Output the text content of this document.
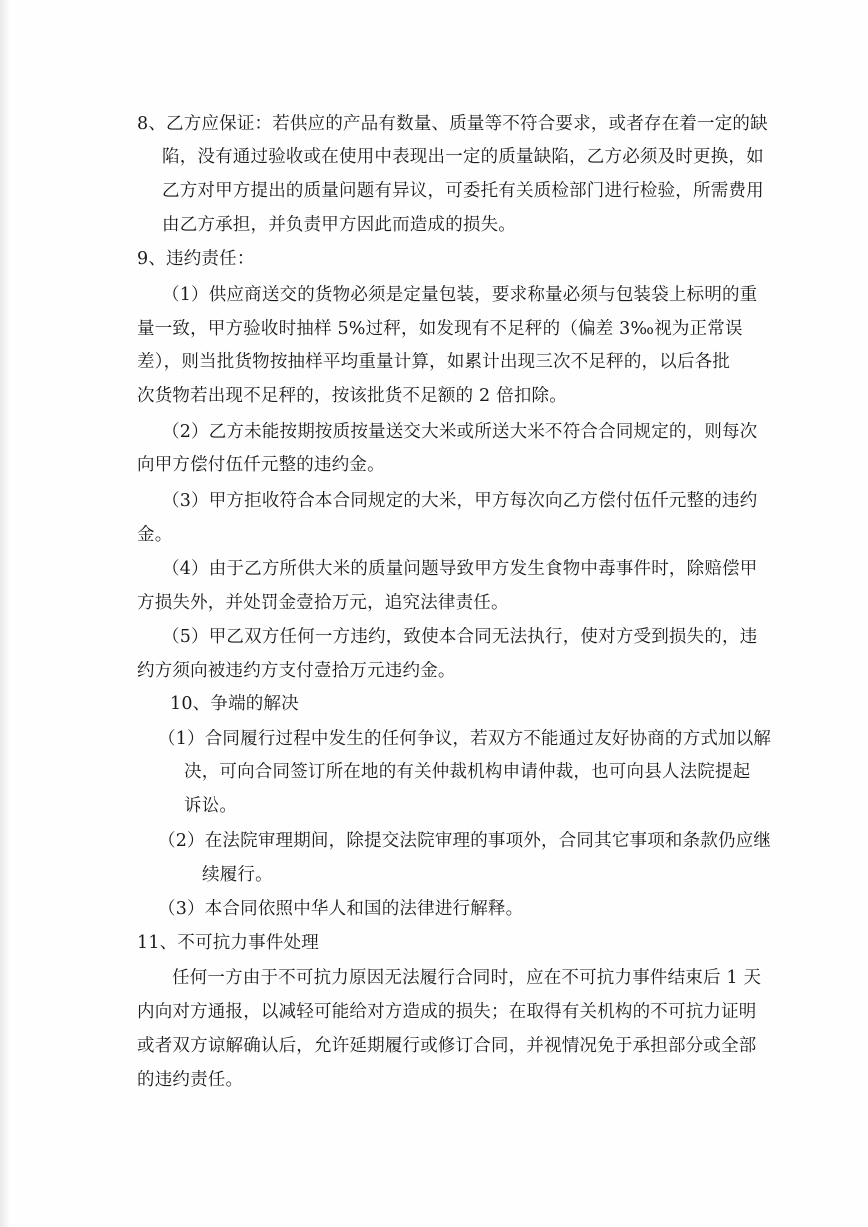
8、乙方应保证：若供应的产品有数量、质量等不符合要求，或者存在着一定的缺
陷，没有通过验收或在使用中表现出一定的质量缺陷，乙方必须及时更换，如
乙方对甲方提出的质量问题有异议，可委托有关质检部门进行检验，所需费用
由乙方承担，并负责甲方因此而造成的损失。
9、违约责任：
（1）供应商送交的货物必须是定量包装，要求称量必须与包装袋上标明的重
量一致，甲方验收时抽样 5%过秤，如发现有不足秤的（偏差 3‰视为正常误
差），则当批货物按抽样平均重量计算，如累计出现三次不足秤的，以后各批
次货物若出现不足秤的，按该批货不足额的 2 倍扣除。
（2）乙方未能按期按质按量送交大米或所送大米不符合合同规定的，则每次
向甲方偿付伍仟元整的违约金。
（3）甲方拒收符合本合同规定的大米，甲方每次向乙方偿付伍仟元整的违约
金。
（4）由于乙方所供大米的质量问题导致甲方发生食物中毒事件时，除赔偿甲
方损失外，并处罚金壹拾万元，追究法律责任。
（5）甲乙双方任何一方违约，致使本合同无法执行，使对方受到损失的，违
约方须向被违约方支付壹拾万元违约金。
10、争端的解决
（1）合同履行过程中发生的任何争议，若双方不能通过友好协商的方式加以解
决，可向合同签订所在地的有关仲裁机构申请仲裁，也可向县人法院提起
诉讼。
（2）在法院审理期间，除提交法院审理的事项外，合同其它事项和条款仍应继
续履行。
（3）本合同依照中华人和国的法律进行解释。
11、不可抗力事件处理
任何一方由于不可抗力原因无法履行合同时，应在不可抗力事件结束后 1 天
内向对方通报，以减轻可能给对方造成的损失；在取得有关机构的不可抗力证明
或者双方谅解确认后，允许延期履行或修订合同，并视情况免于承担部分或全部
的违约责任。
